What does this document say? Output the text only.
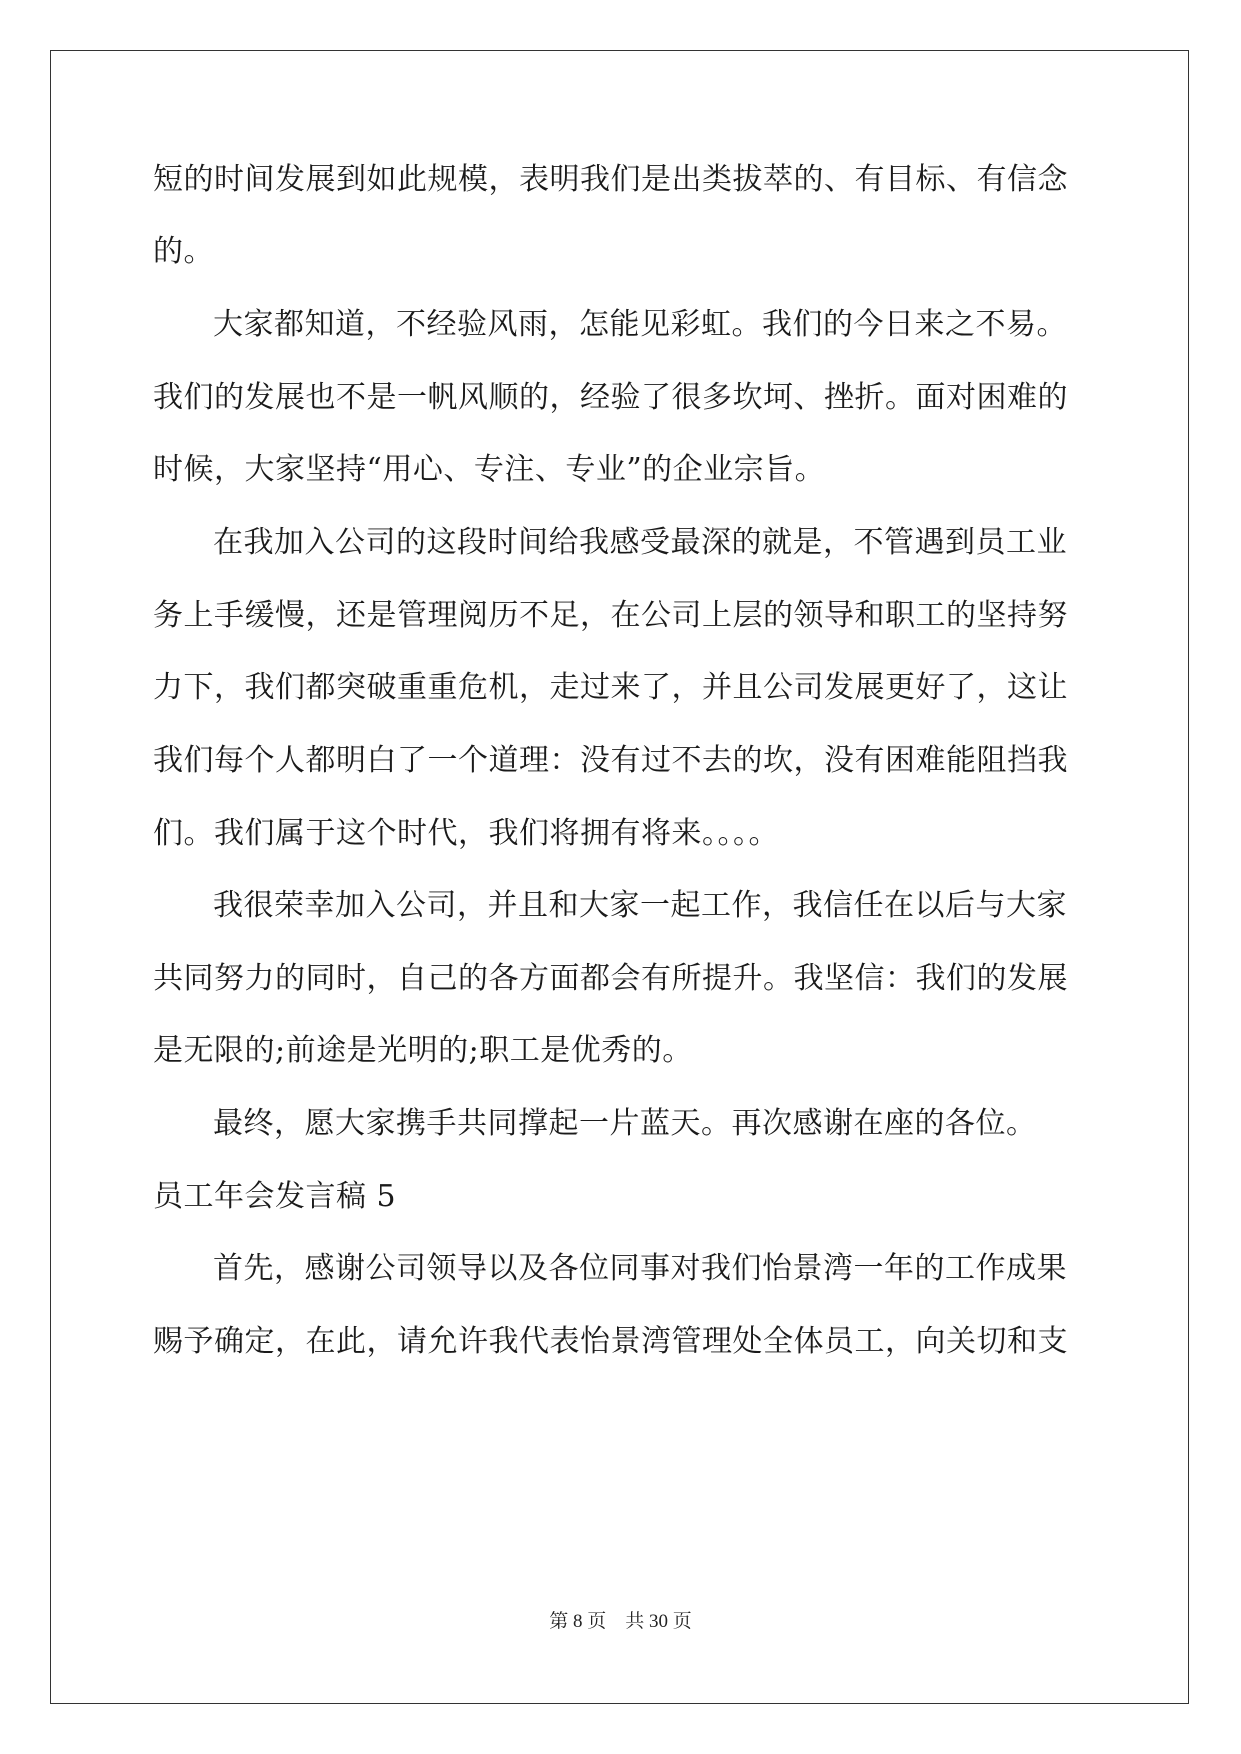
短的时间发展到如此规模，表明我们是出类拔萃的、有目标、有信念
的。
大家都知道，不经验风雨，怎能见彩虹。我们的今日来之不易。
我们的发展也不是一帆风顺的，经验了很多坎坷、挫折。面对困难的
时候，大家坚持“用心、专注、专业”的企业宗旨。
在我加入公司的这段时间给我感受最深的就是，不管遇到员工业
务上手缓慢，还是管理阅历不足，在公司上层的领导和职工的坚持努
力下，我们都突破重重危机，走过来了，并且公司发展更好了，这让
我们每个人都明白了一个道理：没有过不去的坎，没有困难能阻挡我
们。我们属于这个时代，我们将拥有将来。。。。
我很荣幸加入公司，并且和大家一起工作，我信任在以后与大家
共同努力的同时，自己的各方面都会有所提升。我坚信：我们的发展
是无限的;前途是光明的;职工是优秀的。
最终，愿大家携手共同撑起一片蓝天。再次感谢在座的各位。
员工年会发言稿 5
首先，感谢公司领导以及各位同事对我们怡景湾一年的工作成果
赐予确定，在此，请允许我代表怡景湾管理处全体员工，向关切和支
第 8 页　共 30 页
